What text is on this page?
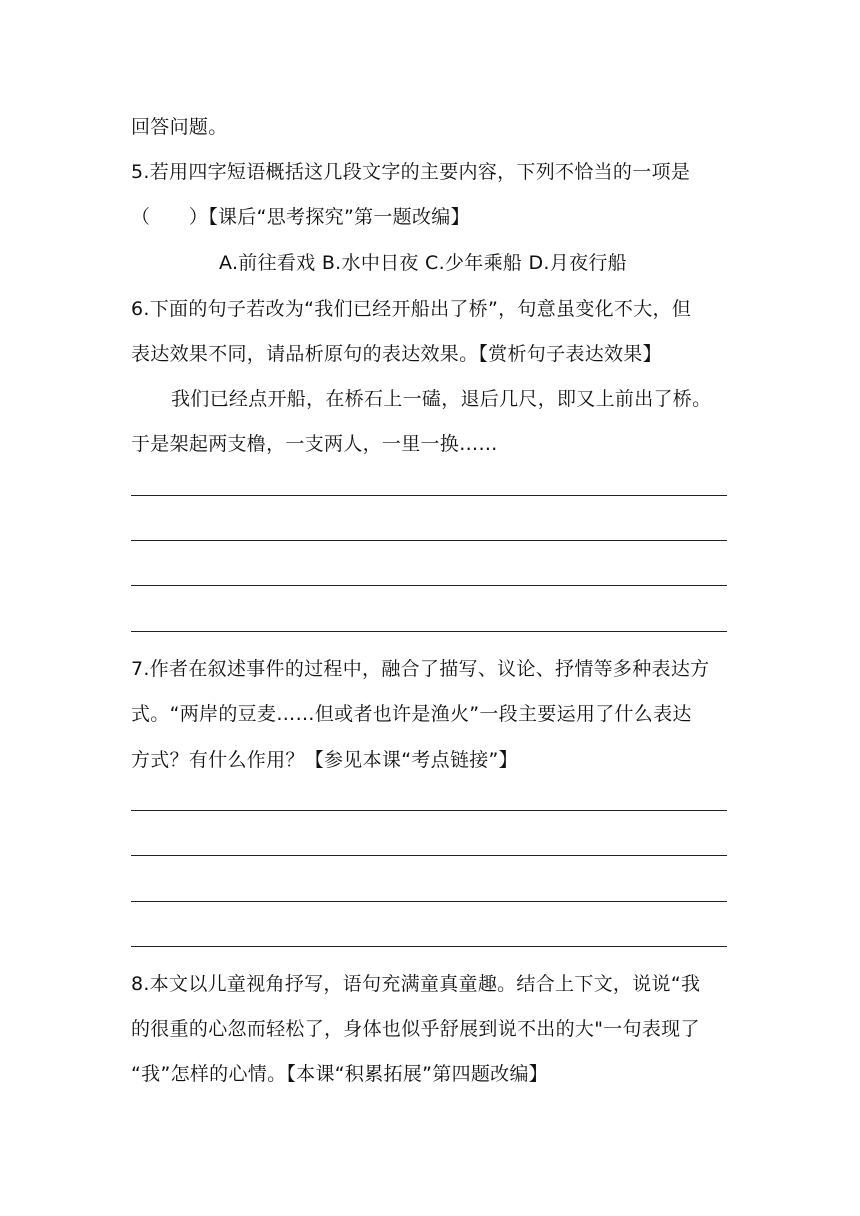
回答问题。
5.若用四字短语概括这几段文字的主要内容，下列不恰当的一项是
（　　）【课后“思考探究”第一题改编】
A.前往看戏 B.水中日夜 C.少年乘船 D.月夜行船
6.下面的句子若改为“我们已经开船出了桥”，句意虽变化不大，但
表达效果不同，请品析原句的表达效果。【赏析句子表达效果】
我们已经点开船，在桥石上一磕，退后几尺，即又上前出了桥。
于是架起两支橹，一支两人，一里一换……
7.作者在叙述事件的过程中，融合了描写、议论、抒情等多种表达方
式。“两岸的豆麦……但或者也许是渔火”一段主要运用了什么表达
方式？有什么作用？【参见本课“考点链接”】
8.本文以儿童视角抒写，语句充满童真童趣。结合上下文，说说“我
的很重的心忽而轻松了，身体也似乎舒展到说不出的大"一句表现了
“我”怎样的心情。【本课“积累拓展”第四题改编】
